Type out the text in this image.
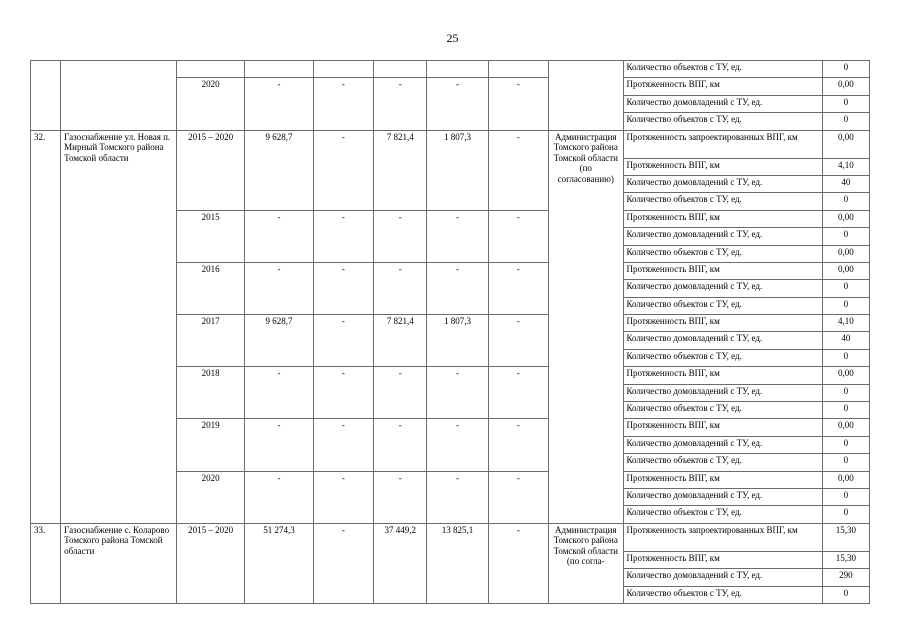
25
									Количество объектов с ТУ, ед.	0
		2020	-	-	-	-	-		Протяженность ВПГ, км	0,00
									Количество домовладений с ТУ, ед.	0
									Количество объектов с ТУ, ед.	0
32.	Газоснабжение ул. Новая п. Мирный Томского района Томской области	2015 – 2020	9 628,7	-	7 821,4	1 807,3	-	Администрация Томского района Томской области (по согласованию)	Протяженность запроектированных ВПГ, км	0,00
									Протяженность ВПГ, км	4,10
									Количество домовладений с ТУ, ед.	40
									Количество объектов с ТУ, ед.	0
		2015	-	-	-	-	-		Протяженность ВПГ, км	0,00
									Количество домовладений с ТУ, ед.	0
									Количество объектов с ТУ, ед.	0,00
		2016	-	-	-	-	-		Протяженность ВПГ, км	0,00
									Количество домовладений с ТУ, ед.	0
									Количество объектов с ТУ, ед.	0
		2017	9 628,7	-	7 821,4	1 807,3	-		Протяженность ВПГ, км	4,10
									Количество домовладений с ТУ, ед.	40
									Количество объектов с ТУ, ед.	0
		2018	-	-	-	-	-		Протяженность ВПГ, км	0,00
									Количество домовладений с ТУ, ед.	0
									Количество объектов с ТУ, ед.	0
		2019	-	-	-	-	-		Протяженность ВПГ, км	0,00
									Количество домовладений с ТУ, ед.	0
									Количество объектов с ТУ, ед.	0
		2020	-	-	-	-	-		Протяженность ВПГ, км	0,00
									Количество домовладений с ТУ, ед.	0
									Количество объектов с ТУ, ед.	0
33.	Газоснабжение с. Коларово Томского района Томской области	2015 – 2020	51 274,3	-	37 449,2	13 825,1	-	Администрация Томского района Томской области (по согла-	Протяженность запроектированных ВПГ, км	15,30
									Протяженность ВПГ, км	15,30
									Количество домовладений с ТУ, ед.	290
									Количество объектов с ТУ, ед.	0
